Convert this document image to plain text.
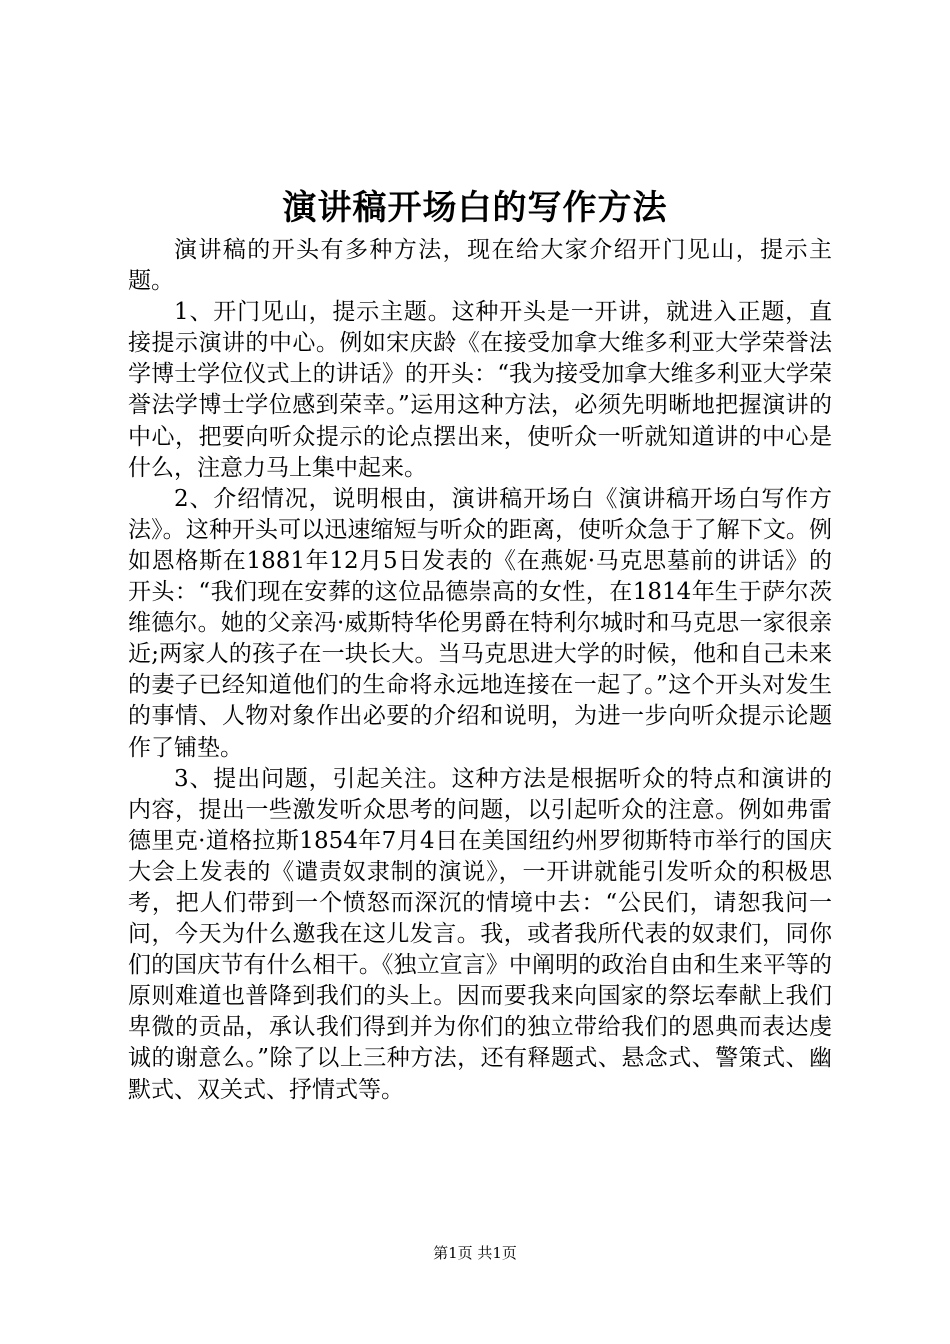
演讲稿开场白的写作方法

演讲稿的开头有多种方法，现在给大家介绍开门见山，提示主题。

1、开门见山，提示主题。这种开头是一开讲，就进入正题，直接提示演讲的中心。例如宋庆龄《在接受加拿大维多利亚大学荣誉法学博士学位仪式上的讲话》的开头：“我为接受加拿大维多利亚大学荣誉法学博士学位感到荣幸。”运用这种方法，必须先明晰地把握演讲的中心，把要向听众提示的论点摆出来，使听众一听就知道讲的中心是什么，注意力马上集中起来。

2、介绍情况，说明根由，演讲稿开场白《演讲稿开场白写作方法》。这种开头可以迅速缩短与听众的距离，使听众急于了解下文。例如恩格斯在1881年12月5日发表的《在燕妮·马克思墓前的讲话》的开头：“我们现在安葬的这位品德崇高的女性，在1814年生于萨尔茨维德尔。她的父亲冯·威斯特华伦男爵在特利尔城时和马克思一家很亲近;两家人的孩子在一块长大。当马克思进大学的时候，他和自己未来的妻子已经知道他们的生命将永远地连接在一起了。”这个开头对发生的事情、人物对象作出必要的介绍和说明，为进一步向听众提示论题作了铺垫。

3、提出问题，引起关注。这种方法是根据听众的特点和演讲的内容，提出一些激发听众思考的问题，以引起听众的注意。例如弗雷德里克·道格拉斯1854年7月4日在美国纽约州罗彻斯特市举行的国庆大会上发表的《谴责奴隶制的演说》，一开讲就能引发听众的积极思考，把人们带到一个愤怒而深沉的情境中去：“公民们，请恕我问一问，今天为什么邀我在这儿发言。我，或者我所代表的奴隶们，同你们的国庆节有什么相干。《独立宣言》中阐明的政治自由和生来平等的原则难道也普降到我们的头上。因而要我来向国家的祭坛奉献上我们卑微的贡品，承认我们得到并为你们的独立带给我们的恩典而表达虔诚的谢意么。”除了以上三种方法，还有释题式、悬念式、警策式、幽默式、双关式、抒情式等。

第1页 共1页
